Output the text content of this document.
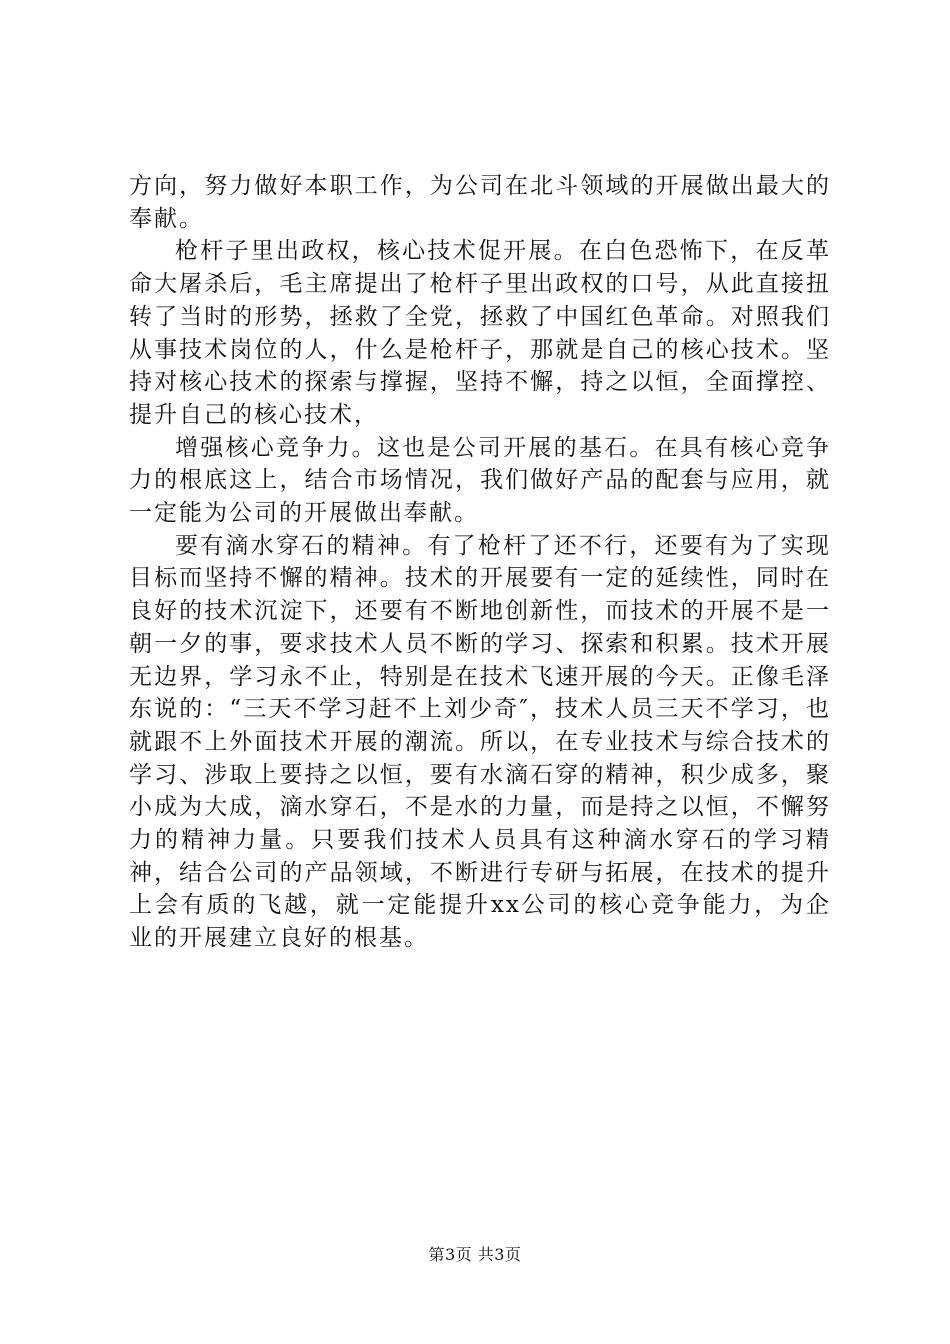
方向，努力做好本职工作，为公司在北斗领域的开展做出最大的奉献。

枪杆子里出政权，核心技术促开展。在白色恐怖下，在反革命大屠杀后，毛主席提出了枪杆子里出政权的口号，从此直接扭转了当时的形势，拯救了全党，拯救了中国红色革命。对照我们从事技术岗位的人，什么是枪杆子，那就是自己的核心技术。坚持对核心技术的探索与撑握，坚持不懈，持之以恒，全面撑控、提升自己的核心技术，

增强核心竞争力。这也是公司开展的基石。在具有核心竞争力的根底这上，结合市场情况，我们做好产品的配套与应用，就一定能为公司的开展做出奉献。

要有滴水穿石的精神。有了枪杆了还不行，还要有为了实现目标而坚持不懈的精神。技术的开展要有一定的延续性，同时在良好的技术沉淀下，还要有不断地创新性，而技术的开展不是一朝一夕的事，要求技术人员不断的学习、探索和积累。技术开展无边界，学习永不止，特别是在技术飞速开展的今天。正像毛泽东说的：“三天不学习赶不上刘少奇″，技术人员三天不学习，也就跟不上外面技术开展的潮流。所以，在专业技术与综合技术的学习、涉取上要持之以恒，要有水滴石穿的精神，积少成多，聚小成为大成，滴水穿石，不是水的力量，而是持之以恒，不懈努力的精神力量。只要我们技术人员具有这种滴水穿石的学习精神，结合公司的产品领域，不断进行专研与拓展，在技术的提升上会有质的飞越，就一定能提升xx公司的核心竞争能力，为企业的开展建立良好的根基。

第3页 共3页
